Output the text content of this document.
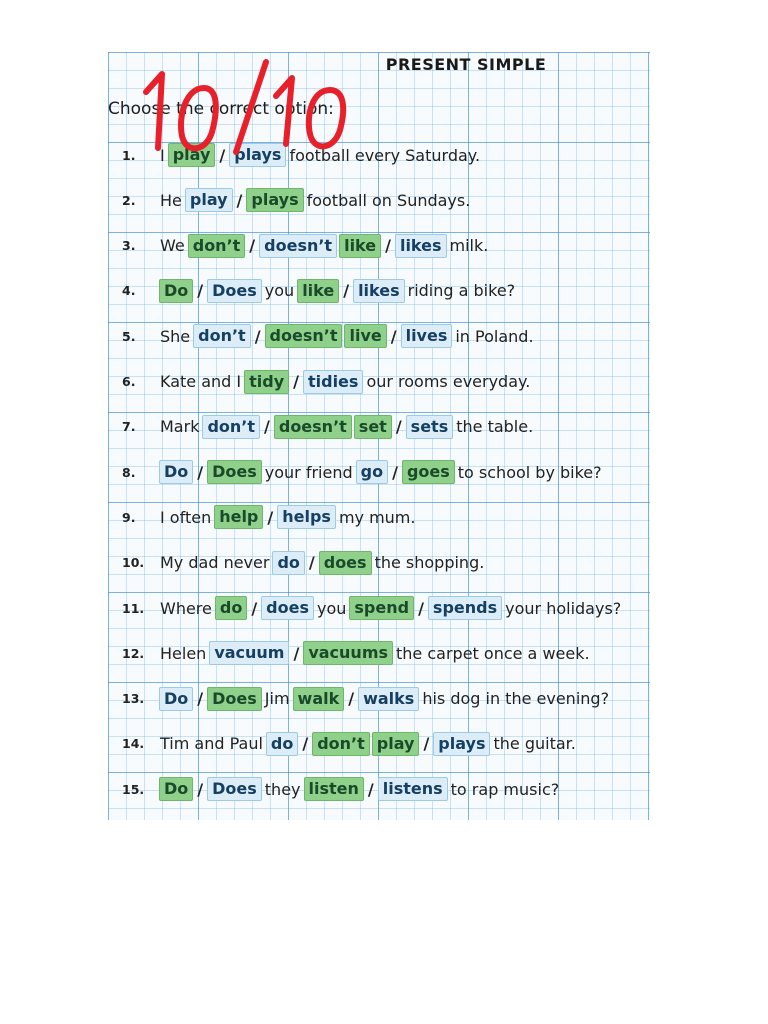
PRESENT SIMPLE
Choose the correct option:
1.	I play / plays football every Saturday.
2.	He play / plays football on Sundays.
3.	We don’t / doesn’t like / likes milk.
4.	Do / Does you like / likes riding a bike?
5.	She don’t / doesn’t live / lives in Poland.
6.	Kate and I tidy / tidies our rooms everyday.
7.	Mark don’t / doesn’t set / sets the table.
8.	Do / Does your friend go / goes to school by bike?
9.	I often help / helps my mum.
10. My dad never do / does the shopping.
11. Where do / does you spend / spends your holidays?
12. Helen vacuum / vacuums the carpet once a week.
13.	Do / Does Jim walk / walks his dog in the evening?
14. Tim and Paul do / don’t play / plays the guitar.
15.	Do / Does they listen / listens to rap music?
